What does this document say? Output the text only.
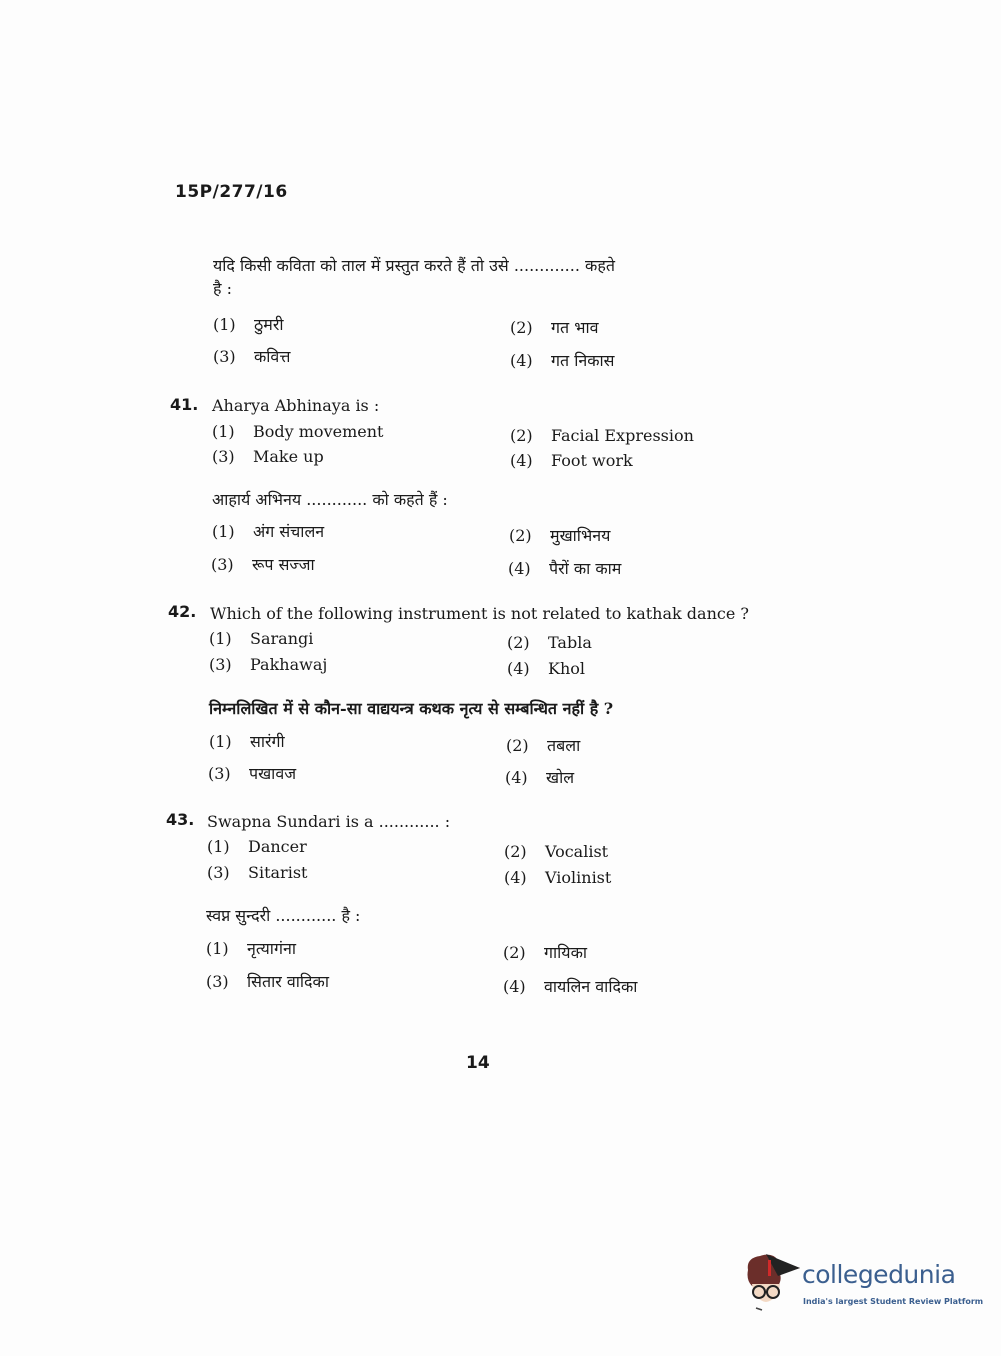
15P/277/16
यदि किसी कविता को ताल में प्रस्तुत करते हैं तो उसे ............. कहते
है :
(1) ठुमरी	(2) गत भाव
(3) कवित्त	(4) गत निकास
41. Aharya Abhinaya is :
(1) Body movement	(2) Facial Expression
(3) Make up	(4) Foot work
आहार्य अभिनय ............ को कहते हैं :
(1) अंग संचालन	(2) मुखाभिनय
(3) रूप सज्जा	(4) पैरों का काम
42. Which of the following instrument is not related to kathak dance ?
(1) Sarangi	(2) Tabla
(3) Pakhawaj	(4) Khol
निम्नलिखित में से कौन-सा वाद्ययन्त्र कथक नृत्य से सम्बन्धित नहीं है ?
(1) सारंगी	(2) तबला
(3) पखावज	(4) खोल
43. Swapna Sundari is a ............ :
(1) Dancer	(2) Vocalist
(3) Sitarist	(4) Violinist
स्वप्न सुन्दरी ............ है :
(1) नृत्यागंना	(2) गायिका
(3) सितार वादिका	(4) वायलिन वादिका
14
collegedunia
India's largest Student Review Platform
